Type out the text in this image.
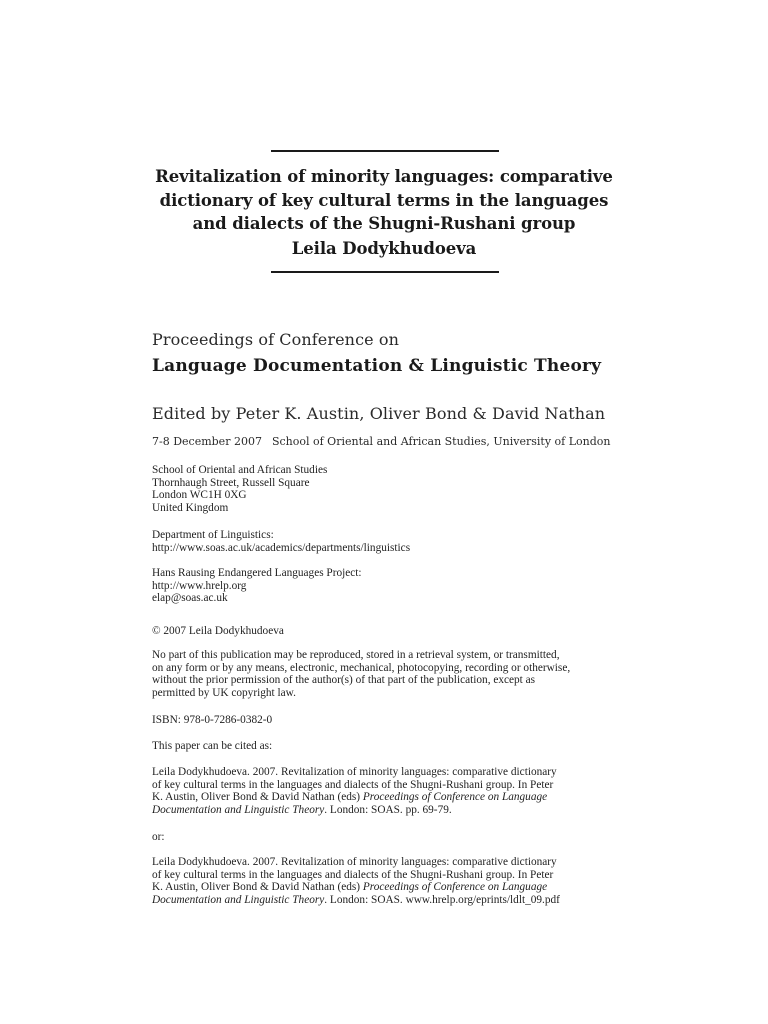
Revitalization of minority languages: comparative
dictionary of key cultural terms in the languages
and dialects of the Shugni-Rushani group
Leila Dodykhudoeva
Proceedings of Conference on
Language Documentation & Linguistic Theory
Edited by Peter K. Austin, Oliver Bond & David Nathan
7-8 December 2007 School of Oriental and African Studies, University of London
School of Oriental and African Studies
Thornhaugh Street, Russell Square
London WC1H 0XG
United Kingdom
Department of Linguistics:
http://www.soas.ac.uk/academics/departments/linguistics
Hans Rausing Endangered Languages Project:
http://www.hrelp.org
elap@soas.ac.uk
© 2007 Leila Dodykhudoeva
No part of this publication may be reproduced, stored in a retrieval system, or transmitted,
on any form or by any means, electronic, mechanical, photocopying, recording or otherwise,
without the prior permission of the author(s) of that part of the publication, except as
permitted by UK copyright law.
ISBN: 978-0-7286-0382-0
This paper can be cited as:
Leila Dodykhudoeva. 2007. Revitalization of minority languages: comparative dictionary
of key cultural terms in the languages and dialects of the Shugni-Rushani group. In Peter
K. Austin, Oliver Bond & David Nathan (eds) Proceedings of Conference on Language
Documentation and Linguistic Theory. London: SOAS. pp. 69-79.
or:
Leila Dodykhudoeva. 2007. Revitalization of minority languages: comparative dictionary
of key cultural terms in the languages and dialects of the Shugni-Rushani group. In Peter
K. Austin, Oliver Bond & David Nathan (eds) Proceedings of Conference on Language
Documentation and Linguistic Theory. London: SOAS. www.hrelp.org/eprints/ldlt_09.pdf
